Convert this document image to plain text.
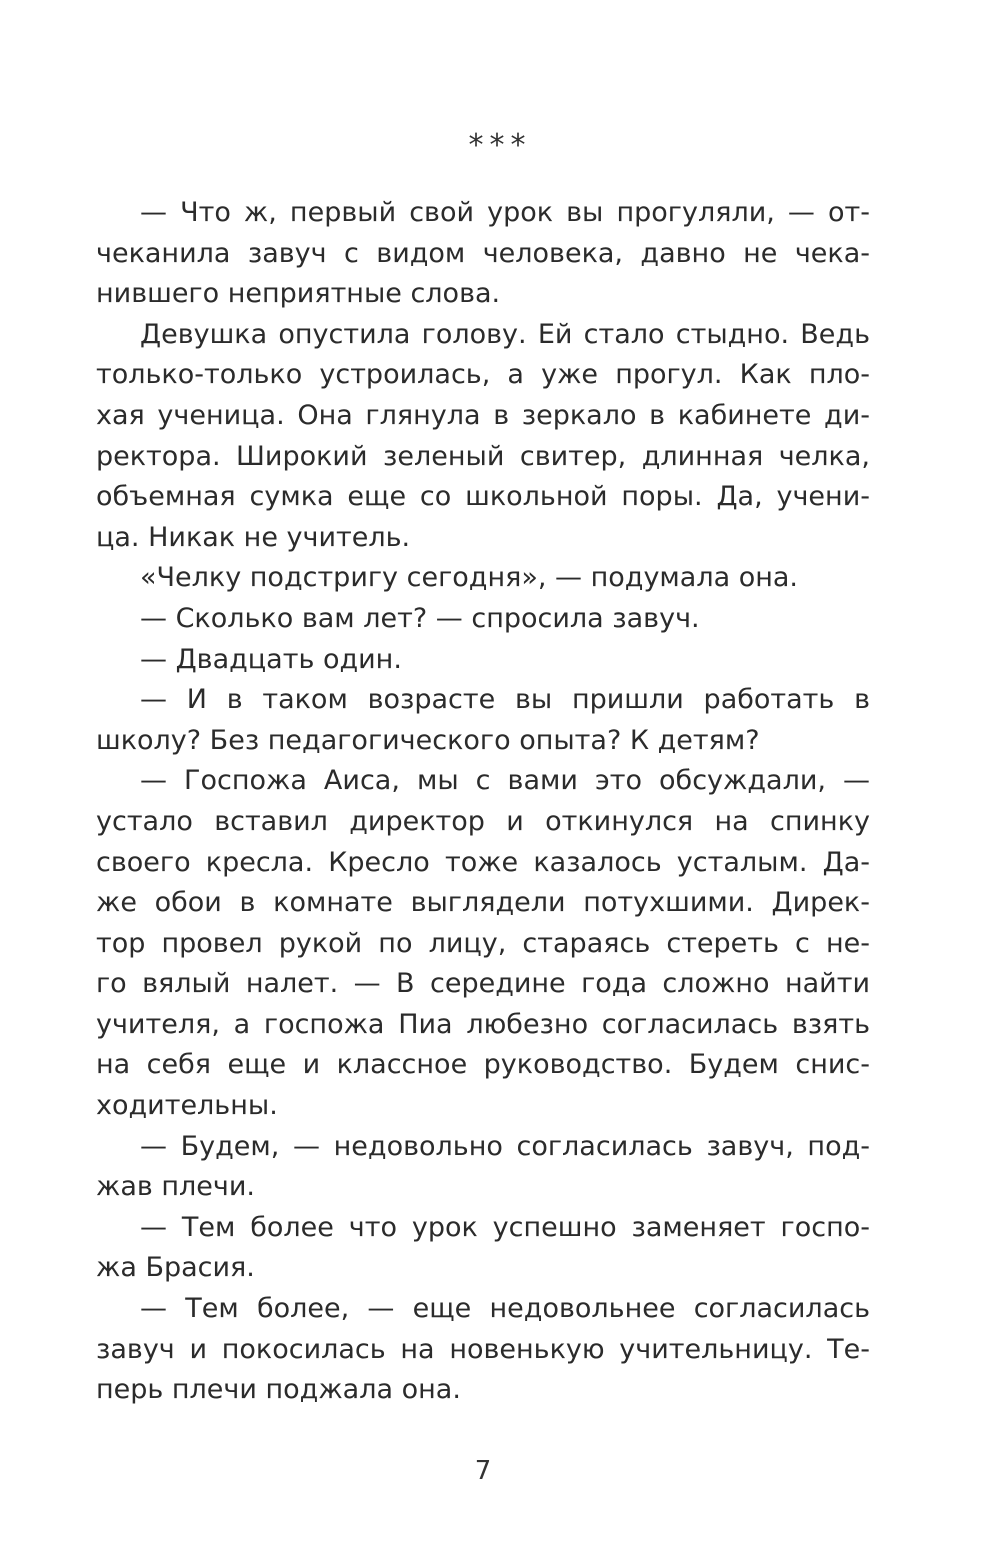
***
— Что ж, первый свой урок вы прогуляли, — от-
чеканила завуч с видом человека, давно не чека-
нившего неприятные слова.
Девушка опустила голову. Ей стало стыдно. Ведь
только-только устроилась, а уже прогул. Как пло-
хая ученица. Она глянула в зеркало в кабинете ди-
ректора. Широкий зеленый свитер, длинная челка,
объемная сумка еще со школьной поры. Да, учени-
ца. Никак не учитель.
«Челку подстригу сегодня», — подумала она.
— Сколько вам лет? — спросила завуч.
— Двадцать один.
— И в таком возрасте вы пришли работать в
школу? Без педагогического опыта? К детям?
— Госпожа Аиса, мы с вами это обсуждали, —
устало вставил директор и откинулся на спинку
своего кресла. Кресло тоже казалось усталым. Да-
же обои в комнате выглядели потухшими. Дирек-
тор провел рукой по лицу, стараясь стереть с не-
го вялый налет. — В середине года сложно найти
учителя, а госпожа Пиа любезно согласилась взять
на себя еще и классное руководство. Будем снис-
ходительны.
— Будем, — недовольно согласилась завуч, под-
жав плечи.
— Тем более что урок успешно заменяет госпо-
жа Брасия.
— Тем более, — еще недовольнее согласилась
завуч и покосилась на новенькую учительницу. Те-
перь плечи поджала она.
7
